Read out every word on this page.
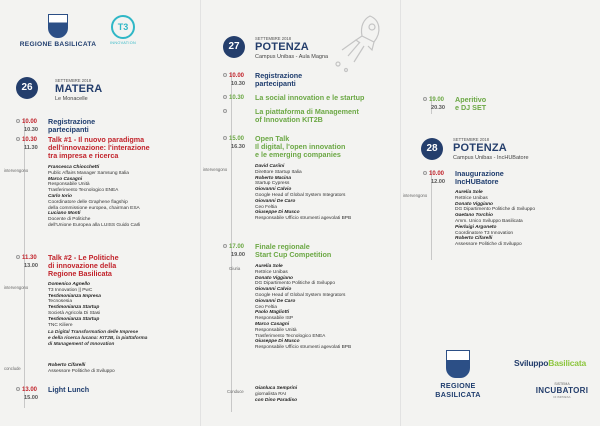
REGIONE BASILICATA
T3
INNOVATION
26
SETTEMBRE 2018
MATERA
Le Monacelle
10.00
10.30
Registrazione
partecipanti
10.30
11.30
Talk #1 - Il nuovo paradigma
dell'innovazione: l'interazione
tra impresa e ricerca
intervengono
Francesca Chiocchetti
Public Affairs Manager Samsung Italia
Marco Casagni
Responsabile Unità
Trasferimento Tecnologico ENEA
Carlo Iorio
Coordinatore delle Graphene flagship
della commissione europea, chairman ESA
Luciano Monti
Docente di Politiche
dell'Unione Europea alla LUISS Guido Carli
11.30
13.00
Talk #2 - Le Politiche
di innovazione della
Regione Basilicata
intervengono
Domenico Agnello
T3 Innovation || PwC
Testimonianza Impresa
Tecnosesia
Testimonianza Startup
Società Agricola Di Stasi
Testimonianza Startup
TNC Kiliere
La Digital Transformation delle Imprese
e della ricerca lucana: KIT2B, la piattaforma
di Management of Innovation
conclude
Roberto Cifarelli
Assessore Politiche di Sviluppo
13.00
15.00
Light Lunch
27
SETTEMBRE 2018
POTENZA
Campus Unibas - Aula Magna
10.00
10.30
Registrazione
partecipanti
10.30 La social innovation e le startup
La piattaforma di Management
of Innovation KIT2B
15.00
16.30
Open Talk
Il digital, l'open innovation
e le emerging companies
intervengono
David Cariini
Direttore Startup Italia
Roberto Macina
Startup Cypress
Giovanni Calvio
Google Head of Global System Integrators
Giovanni De Caro
Ceo Feltia
Giuseppe Di Musco
Responsabile Ufficio strumenti agevolati BPB
17.00
19.00
Finale regionale
Start Cup Competition
Giuria	Aurelia Sole
Rettrice Unibas
Donato Viggiano
DG Dipartimento Politiche di Sviluppo
Giovanni Calvio
Google Head of Global System Integrators
Giovanni De Caro
Ceo Feltia
Paolo Magliotti
Responsabile ISP
Marco Casagni
Responsabile Unità
Trasferimento Tecnologico ENEA
Giuseppe Di Musco
Responsabile Ufficio strumenti agevolati BPB
Conduce
Gianluca Semprini
giornalista RAI
con Dino Paradiso
19.00
20.30
Aperitivo
e DJ SET
28
SETTEMBRE 2018
POTENZA
Campus Unibas - IncHUBatore
10.00
12.00
Inaugurazione
IncHUBatore
intervengono
Aurelia Sole
Rettrice Unibas
Donato Viggiano
DG Dipartimento Politiche di Sviluppo
Gaetano Torchio
Amm. Unico Sviluppo Basilicata
Pierluigi Argoneto
Coordinatore T3 Innovation
Roberto Cifarelli
Assessore Politiche di Sviluppo
REGIONE BASILICATA
SviluppoBasilicata
SISTEMA
INCUBATORI
DI IMPRESA
